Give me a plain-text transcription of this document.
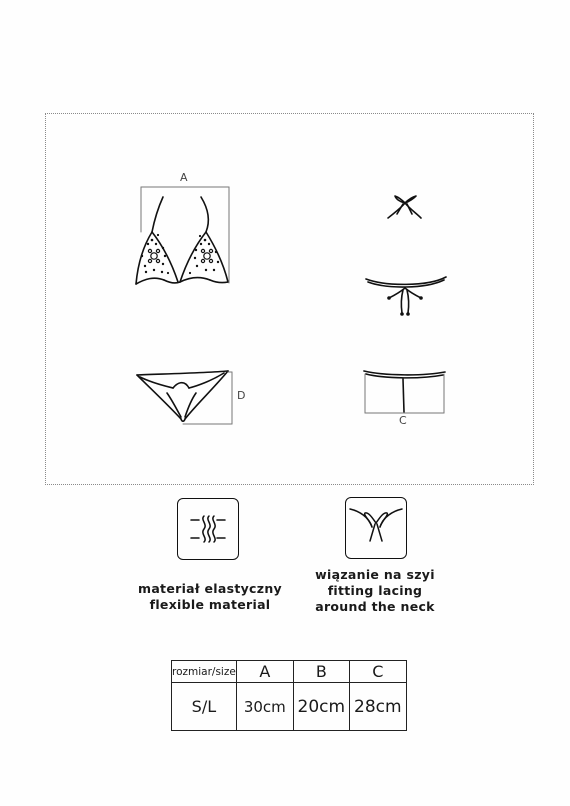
A
D
C
materiał elastyczny
flexible material
wiązanie na szyi
fitting lacing
around the neck
rozmiar/size	A	B	C
S/L	30cm	20cm	28cm
